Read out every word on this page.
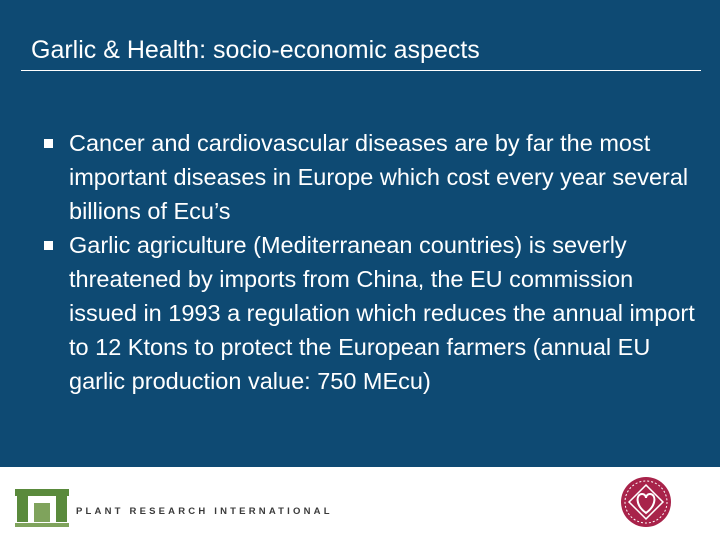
Garlic & Health: socio-economic aspects
Cancer and cardiovascular diseases are by far the most important diseases in Europe which cost every year several billions of Ecu’s
Garlic agriculture (Mediterranean countries) is severly threatened by imports from China, the EU commission issued in 1993 a regulation which reduces the annual import to 12 Ktons to protect the European farmers (annual EU garlic production value: 750 MEcu)
PLANT RESEARCH INTERNATIONAL
